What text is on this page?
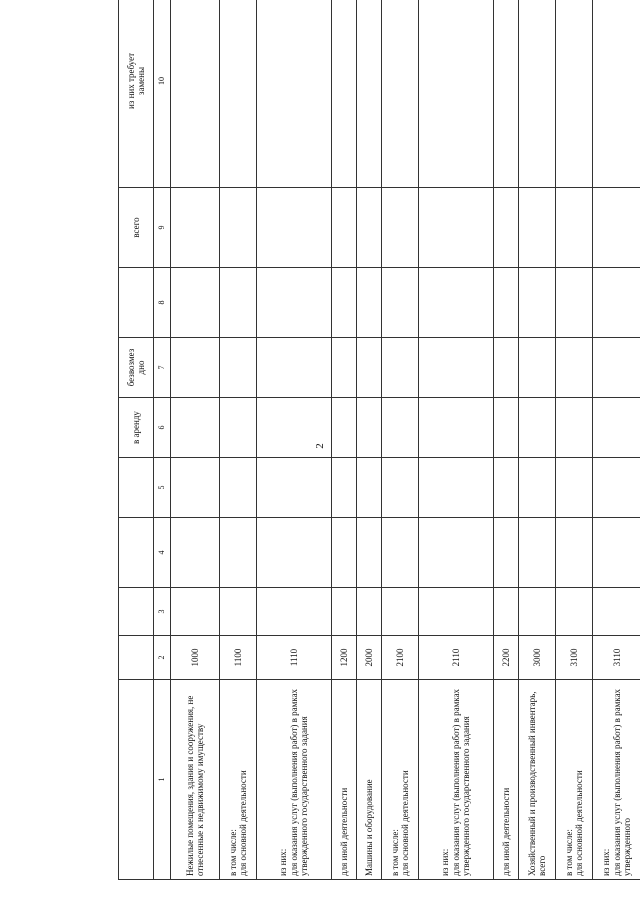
2
					в аренду	безвозмез
дно		всего	из них требует
замены
1	2	3	4	5	6	7	8	9	10
Нежилые помещения, здания и сооружения, не отнесенные к недвижимому имуществу	1000								
в том числе:
для основной деятельности	1100								
из них:
для оказания услуг (выполнения работ) в рамках утвержденного государственного задания	1110								
для иной деятельности	1200								
Машины и оборудование	2000								
в том числе:
для основной деятельности	2100								
из них:
для оказания услуг (выполнения работ) в рамках утвержденного государственного задания	2110								
для иной деятельности	2200								
Хозяйственный и производственный инвентарь, всего	3000								
в том числе:
для основной деятельности	3100								
из них:
для оказания услуг (выполнения работ) в рамках утвержденного	3110								
